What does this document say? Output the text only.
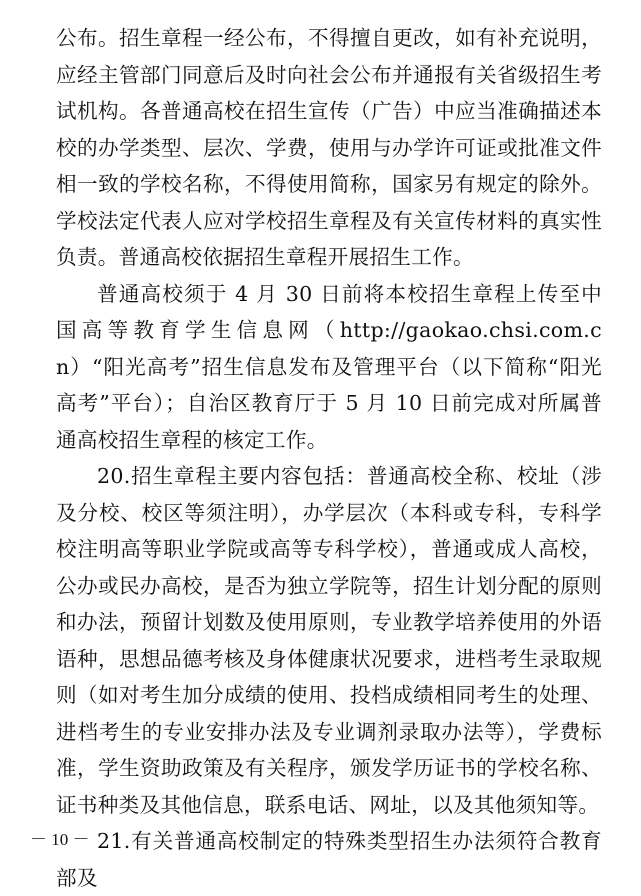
公布。招生章程一经公布，不得擅自更改，如有补充说明，应经主管部门同意后及时向社会公布并通报有关省级招生考试机构。各普通高校在招生宣传（广告）中应当准确描述本校的办学类型、层次、学费，使用与办学许可证或批准文件相一致的学校名称，不得使用简称，国家另有规定的除外。学校法定代表人应对学校招生章程及有关宣传材料的真实性负责。普通高校依据招生章程开展招生工作。

普通高校须于 4 月 30 日前将本校招生章程上传至中国高等教育学生信息网（http://gaokao.chsi.com.cn）“阳光高考”招生信息发布及管理平台（以下简称“阳光高考”平台）；自治区教育厅于 5 月 10 日前完成对所属普通高校招生章程的核定工作。

20.招生章程主要内容包括：普通高校全称、校址（涉及分校、校区等须注明），办学层次（本科或专科，专科学校注明高等职业学院或高等专科学校），普通或成人高校，公办或民办高校，是否为独立学院等，招生计划分配的原则和办法，预留计划数及使用原则，专业教学培养使用的外语语种，思想品德考核及身体健康状况要求，进档考生录取规则（如对考生加分成绩的使用、投档成绩相同考生的处理、进档考生的专业安排办法及专业调剂录取办法等），学费标准，学生资助政策及有关程序，颁发学历证书的学校名称、证书种类及其他信息，联系电话、网址，以及其他须知等。

21.有关普通高校制定的特殊类型招生办法须符合教育部及

－ 10 －
